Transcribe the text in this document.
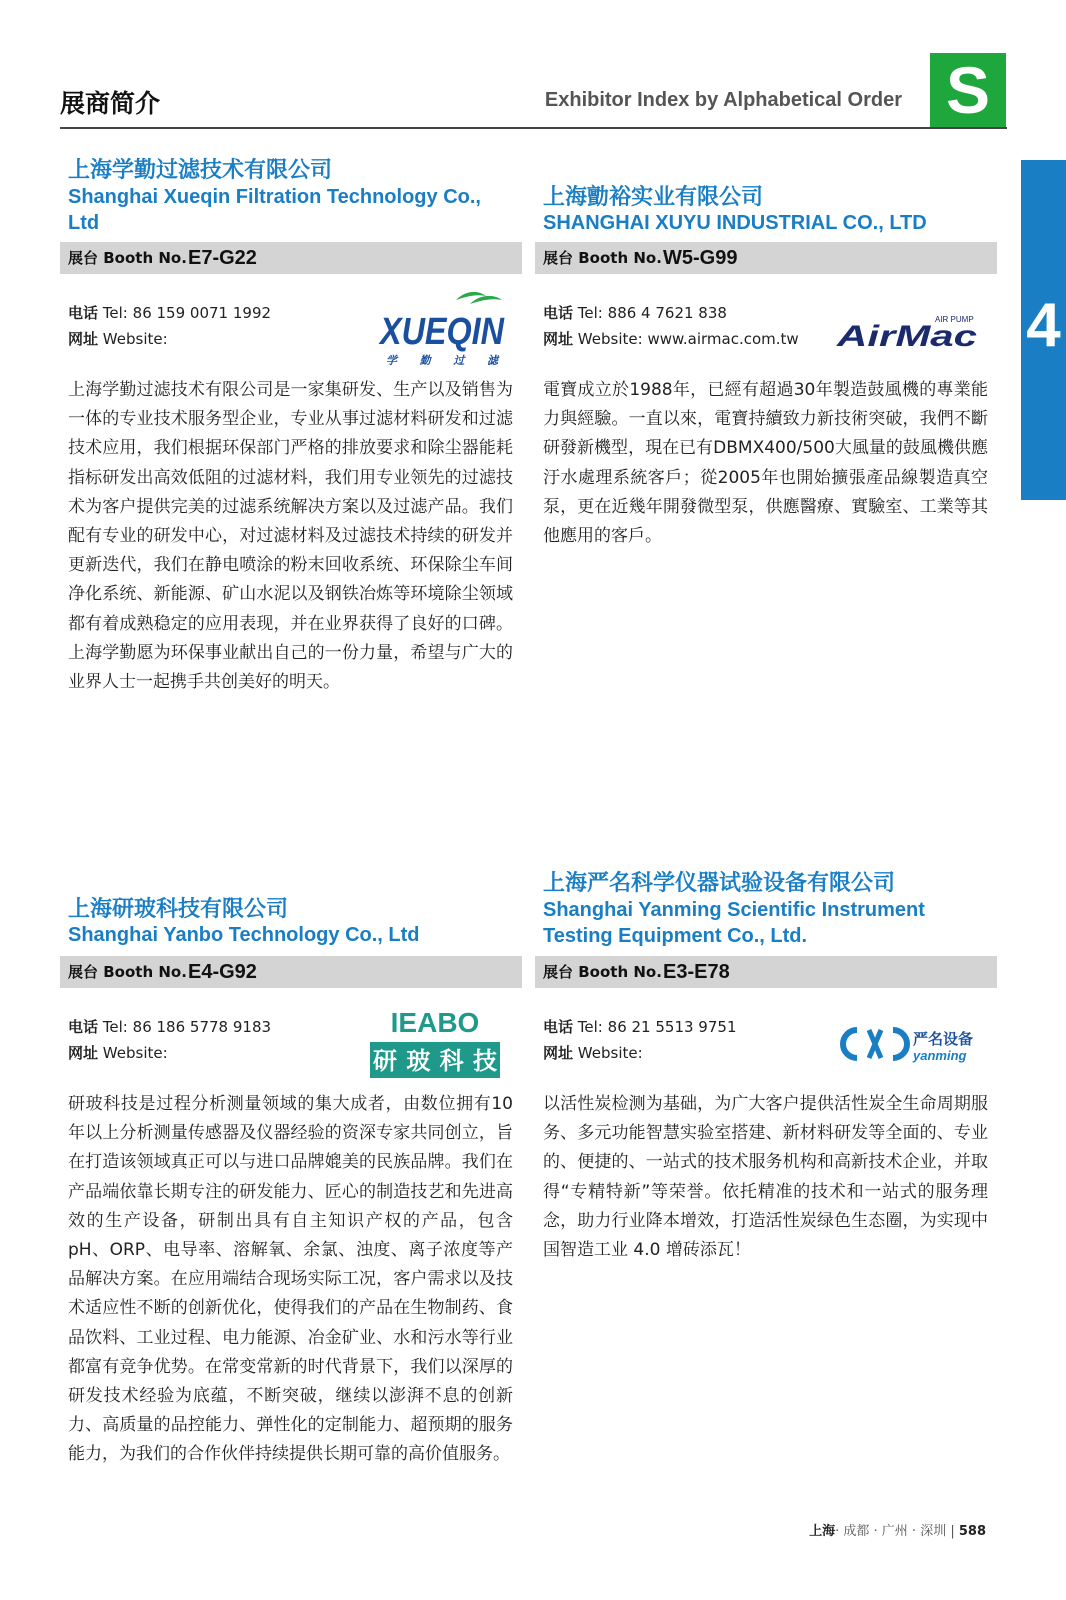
展商简介	Exhibitor Index by Alphabetical Order S
4
上海学勤过滤技术有限公司
Shanghai Xueqin Filtration Technology Co.,
Ltd
展台 Booth No. E7-G22
电话 Tel: 86 159 0071 1992
网址 Website:	XUEQIN
学 勤 过 滤
上海学勤过滤技术有限公司是一家集研发、生产以及销售为一体的专业技术服务型企业，专业从事过滤材料研发和过滤技术应用，我们根据环保部门严格的排放要求和除尘器能耗指标研发出高效低阻的过滤材料，我们用专业领先的过滤技术为客户提供完美的过滤系统解决方案以及过滤产品。我们配有专业的研发中心，对过滤材料及过滤技术持续的研发并更新迭代，我们在静电喷涂的粉末回收系统、环保除尘车间净化系统、新能源、矿山水泥以及钢铁冶炼等环境除尘领域都有着成熟稳定的应用表现，并在业界获得了良好的口碑。上海学勤愿为环保事业献出自己的一份力量，希望与广大的业界人士一起携手共创美好的明天。
上海勯裕实业有限公司
SHANGHAI XUYU INDUSTRIAL CO., LTD
展台 Booth No. W5-G99
电话 Tel: 886 4 7621 838
网址 Website: www.airmac.com.tw
AIR PUMP
AirMac
電寶成立於1988年，已經有超過30年製造鼓風機的專業能力與經驗。一直以來，電寶持續致力新技術突破，我們不斷研發新機型，現在已有DBMX400/500大風量的鼓風機供應汙水處理系統客戶；從2005年也開始擴張產品線製造真空泵，更在近幾年開發微型泵，供應醫療、實驗室、工業等其他應用的客戶。
上海研玻科技有限公司
Shanghai Yanbo Technology Co., Ltd
展台 Booth No. E4-G92
电话 Tel: 86 186 5778 9183
网址 Website:
IEABO
研玻科技
研玻科技是过程分析测量领域的集大成者，由数位拥有10年以上分析测量传感器及仪器经验的资深专家共同创立，旨在打造该领域真正可以与进口品牌媲美的民族品牌。我们在产品端依靠长期专注的研发能力、匠心的制造技艺和先进高效的生产设备，研制出具有自主知识产权的产品，包含pH、ORP、电导率、溶解氧、余氯、浊度、离子浓度等产品解决方案。在应用端结合现场实际工况，客户需求以及技术适应性不断的创新优化，使得我们的产品在生物制药、食品饮料、工业过程、电力能源、冶金矿业、水和污水等行业都富有竞争优势。在常变常新的时代背景下，我们以深厚的研发技术经验为底蕴，不断突破，继续以澎湃不息的创新力、高质量的品控能力、弹性化的定制能力、超预期的服务能力，为我们的合作伙伴持续提供长期可靠的高价值服务。
上海严名科学仪器试验设备有限公司
Shanghai Yanming Scientific Instrument
Testing Equipment Co., Ltd.
展台 Booth No. E3-E78
电话 Tel: 86 21 5513 9751
网址 Website:
严名设备
yanming
以活性炭检测为基础，为广大客户提供活性炭全生命周期服务、多元功能智慧实验室搭建、新材料研发等全面的、专业的、便捷的、一站式的技术服务机构和高新技术企业，并取得“专精特新”等荣誉。依托精准的技术和一站式的服务理念，助力行业降本增效，打造活性炭绿色生态圈，为实现中国智造工业 4.0 增砖添瓦！
上海· 成都 · 广州 · 深圳 | 588
